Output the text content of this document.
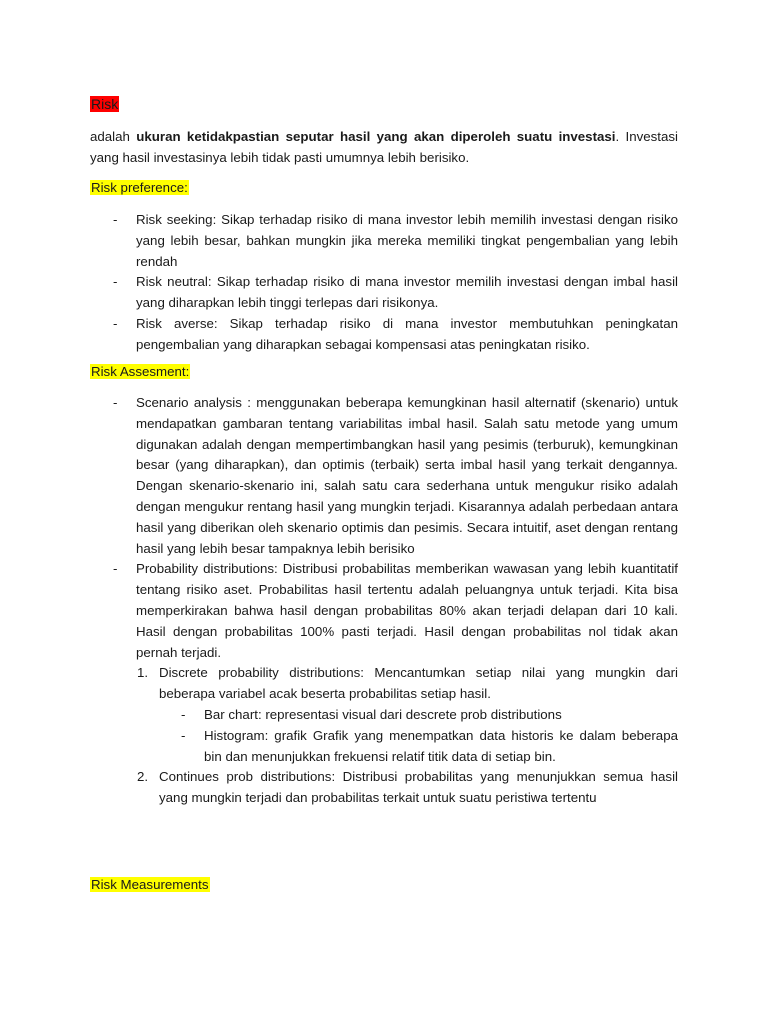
Risk

adalah ukuran ketidakpastian seputar hasil yang akan diperoleh suatu investasi. Investasi yang hasil investasinya lebih tidak pasti umumnya lebih berisiko.

Risk preference:
- Risk seeking: Sikap terhadap risiko di mana investor lebih memilih investasi dengan risiko yang lebih besar, bahkan mungkin jika mereka memiliki tingkat pengembalian yang lebih rendah
- Risk neutral: Sikap terhadap risiko di mana investor memilih investasi dengan imbal hasil yang diharapkan lebih tinggi terlepas dari risikonya.
- Risk averse: Sikap terhadap risiko di mana investor membutuhkan peningkatan pengembalian yang diharapkan sebagai kompensasi atas peningkatan risiko.
Risk Assesment:
- Scenario analysis : menggunakan beberapa kemungkinan hasil alternatif (skenario) untuk mendapatkan gambaran tentang variabilitas imbal hasil. Salah satu metode yang umum digunakan adalah dengan mempertimbangkan hasil yang pesimis (terburuk), kemungkinan besar (yang diharapkan), dan optimis (terbaik) serta imbal hasil yang terkait dengannya. Dengan skenario-skenario ini, salah satu cara sederhana untuk mengukur risiko adalah dengan mengukur rentang hasil yang mungkin terjadi. Kisarannya adalah perbedaan antara hasil yang diberikan oleh skenario optimis dan pesimis. Secara intuitif, aset dengan rentang hasil yang lebih besar tampaknya lebih berisiko
- Probability distributions: Distribusi probabilitas memberikan wawasan yang lebih kuantitatif tentang risiko aset. Probabilitas hasil tertentu adalah peluangnya untuk terjadi. Kita bisa memperkirakan bahwa hasil dengan probabilitas 80% akan terjadi delapan dari 10 kali. Hasil dengan probabilitas 100% pasti terjadi. Hasil dengan probabilitas nol tidak akan pernah terjadi.
1. Discrete probability distributions: Mencantumkan setiap nilai yang mungkin dari beberapa variabel acak beserta probabilitas setiap hasil.
- Bar chart: representasi visual dari descrete prob distributions
- Histogram: grafik Grafik yang menempatkan data historis ke dalam beberapa bin dan menunjukkan frekuensi relatif titik data di setiap bin.
2. Continues prob distributions: Distribusi probabilitas yang menunjukkan semua hasil yang mungkin terjadi dan probabilitas terkait untuk suatu peristiwa tertentu
Risk Measurements
